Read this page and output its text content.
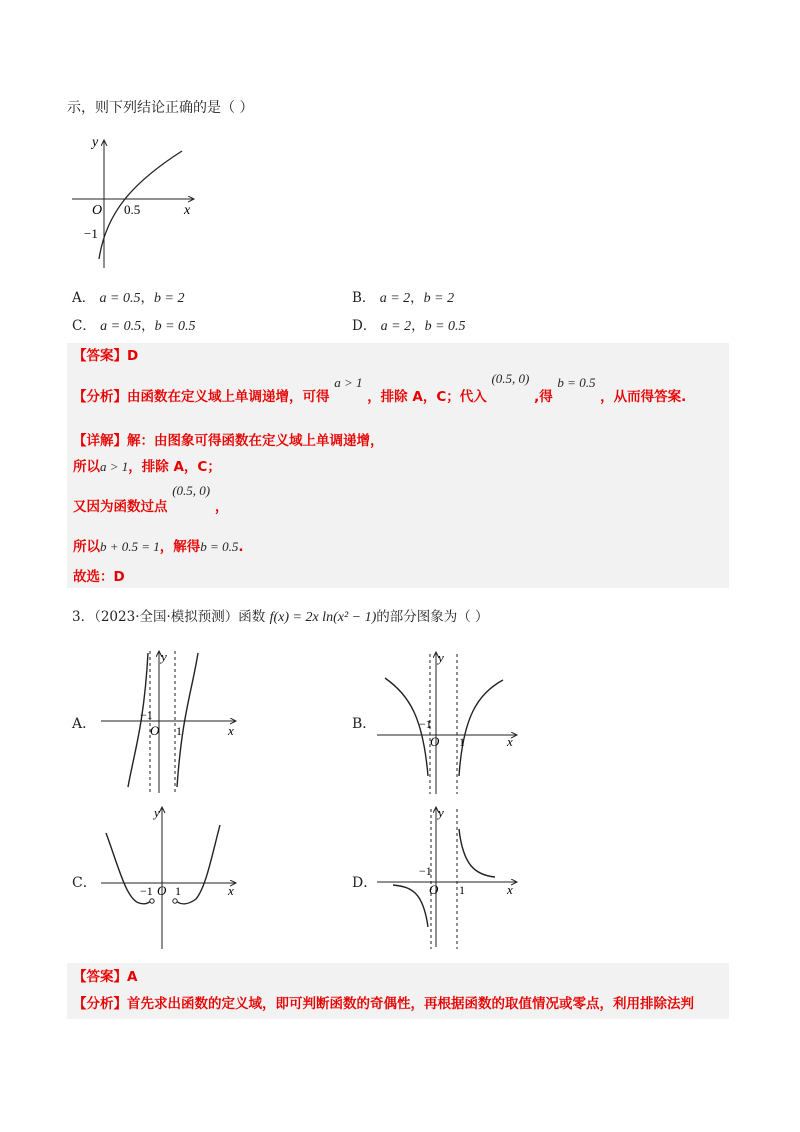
示，则下列结论正确的是（ ）
y
x
O 0.5
−1
A． a = 0.5，b = 2	B． a = 2，b = 2
C． a = 0.5，b = 0.5	D． a = 2，b = 0.5
【答案】D
【分析】由函数在定义域上单调递增，可得 a > 1 ，排除 A，C；代入 (0.5, 0) ,得 b = 0.5 ，从而得答案.
【详解】解：由图象可得函数在定义域上单调递增，
所以a > 1，排除 A，C；
又因为函数过点 (0.5, 0) ，
所以b + 0.5 = 1，解得b = 0.5.
故选：D
3．（2023·全国·模拟预测）函数 f(x) = 2x ln(x² − 1)的部分图象为（ ）
A．	B．
C．	D．
y
x
O
−1
1
y
x
O
−1
1
y
x
O
−1 1
y
x
O
−1
1
【答案】A
【分析】首先求出函数的定义域，即可判断函数的奇偶性，再根据函数的取值情况或零点，利用排除法判
